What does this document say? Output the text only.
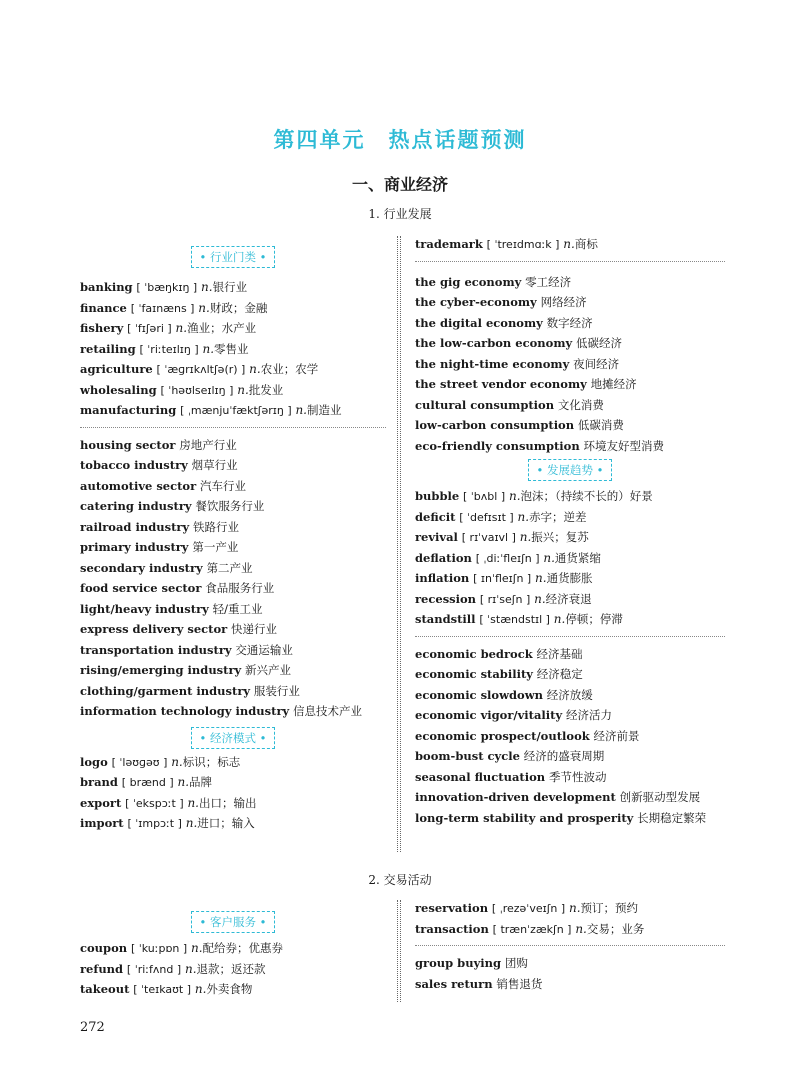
第四单元　热点话题预测
一、商业经济
1. 行业发展
• 行业门类 •
banking [ ˈbæŋkɪŋ ] n.银行业
finance [ ˈfaɪnæns ] n.财政；金融
fishery [ ˈfɪʃəri ] n.渔业；水产业
retailing [ ˈriːteɪlɪŋ ] n.零售业
agriculture [ ˈæɡrɪkʌltʃə(r) ] n.农业；农学
wholesaling [ ˈhəʊlseɪlɪŋ ] n.批发业
manufacturing [ ˌmænjuˈfæktʃərɪŋ ] n.制造业
housing sector 房地产行业
tobacco industry 烟草行业
automotive sector 汽车行业
catering industry 餐饮服务行业
railroad industry 铁路行业
primary industry 第一产业
secondary industry 第二产业
food service sector 食品服务行业
light/heavy industry 轻/重工业
express delivery sector 快递行业
transportation industry 交通运输业
rising/emerging industry 新兴产业
clothing/garment industry 服装行业
information technology industry 信息技术产业
• 经济模式 •
logo [ ˈləʊɡəʊ ] n.标识；标志
brand [ brænd ] n.品牌
export [ ˈekspɔːt ] n.出口；输出
import [ ˈɪmpɔːt ] n.进口；输入
trademark [ ˈtreɪdmɑːk ] n.商标
the gig economy 零工经济
the cyber-economy 网络经济
the digital economy 数字经济
the low-carbon economy 低碳经济
the night-time economy 夜间经济
the street vendor economy 地摊经济
cultural consumption 文化消费
low-carbon consumption 低碳消费
eco-friendly consumption 环境友好型消费
• 发展趋势 •
bubble [ ˈbʌbl ] n.泡沫；（持续不长的）好景
deficit [ ˈdefɪsɪt ] n.赤字；逆差
revival [ rɪˈvaɪvl ] n.振兴；复苏
deflation [ ˌdiːˈfleɪʃn ] n.通货紧缩
inflation [ ɪnˈfleɪʃn ] n.通货膨胀
recession [ rɪˈseʃn ] n.经济衰退
standstill [ ˈstændstɪl ] n.停顿；停滞
economic bedrock 经济基础
economic stability 经济稳定
economic slowdown 经济放缓
economic vigor/vitality 经济活力
economic prospect/outlook 经济前景
boom-bust cycle 经济的盛衰周期
seasonal fluctuation 季节性波动
innovation-driven development 创新驱动型发展
long-term stability and prosperity 长期稳定繁荣
2. 交易活动
• 客户服务 •
coupon [ ˈkuːpɒn ] n.配给券；优惠券
refund [ ˈriːfʌnd ] n.退款；返还款
takeout [ ˈteɪkaʊt ] n.外卖食物
reservation [ ˌrezəˈveɪʃn ] n.预订；预约
transaction [ trænˈzækʃn ] n.交易；业务
group buying 团购
sales return 销售退货
272
